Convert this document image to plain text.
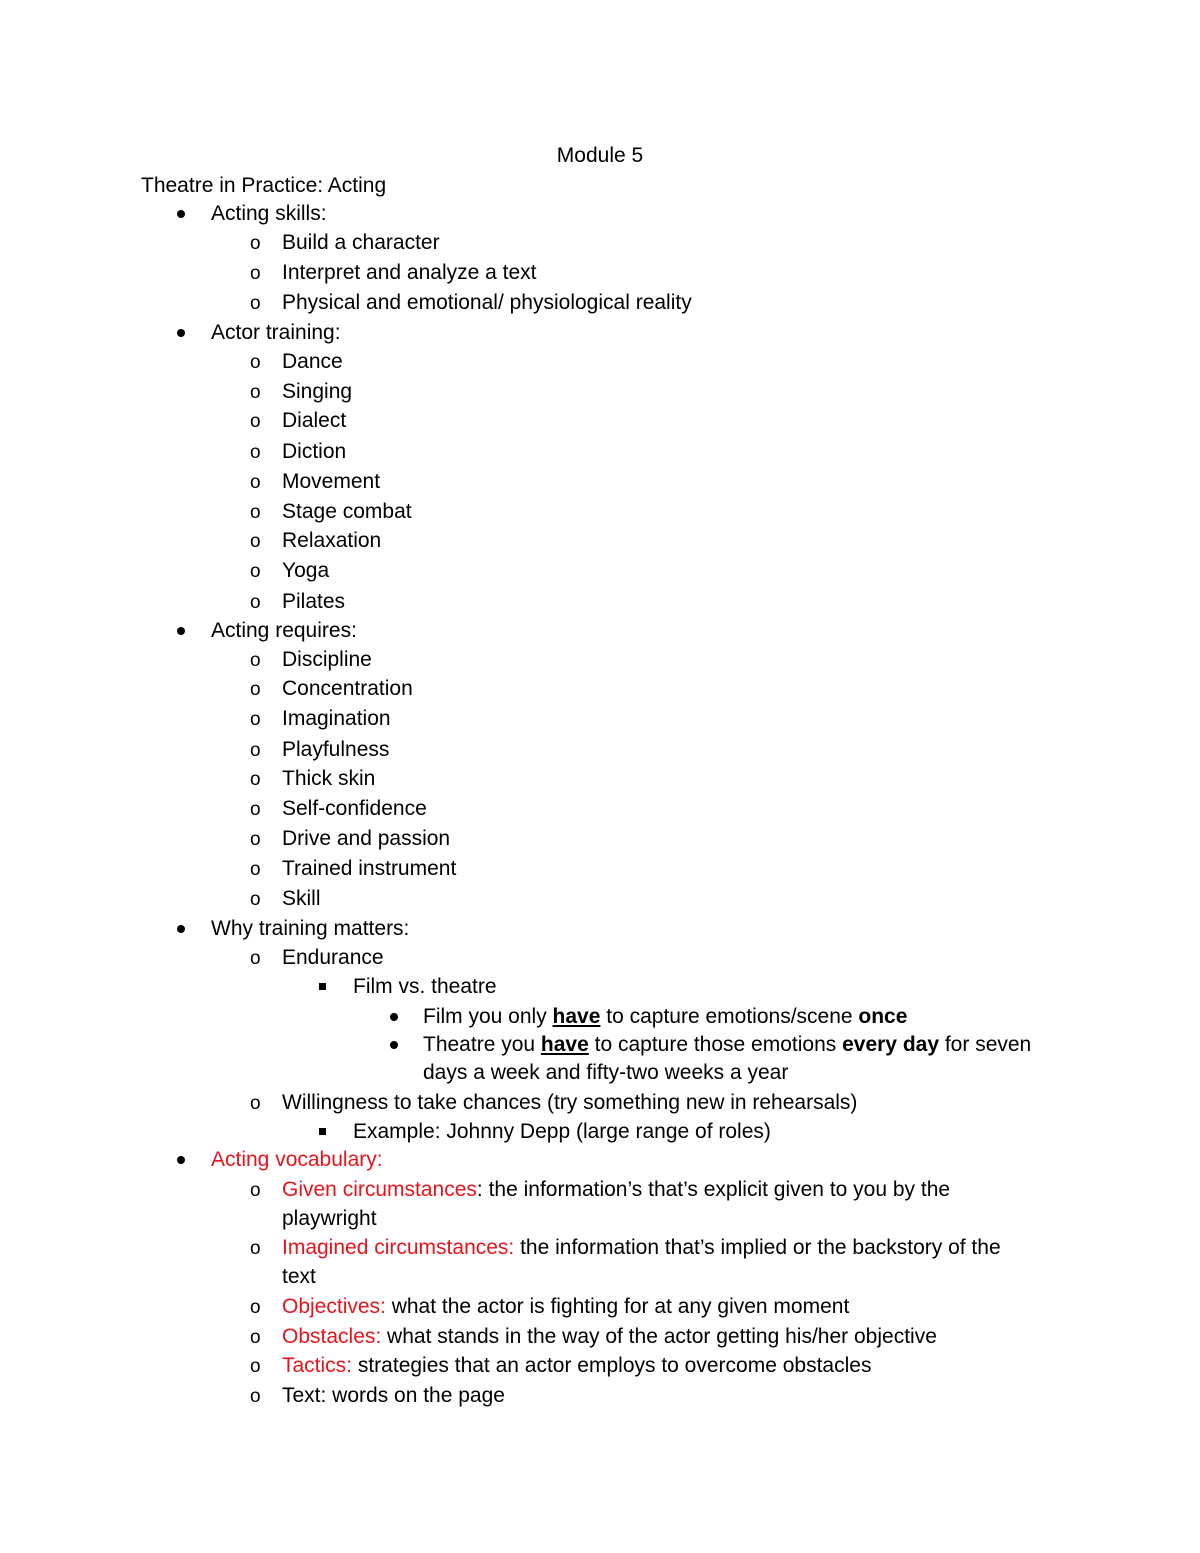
Module 5
Theatre in Practice: Acting
Acting skills:
o Build a character
o Interpret and analyze a text
o Physical and emotional/ physiological reality
Actor training:
o Dance
o Singing
o Dialect
o Diction
o Movement
o Stage combat
o Relaxation
o Yoga
o Pilates
Acting requires:
o Discipline
o Concentration
o Imagination
o Playfulness
o Thick skin
o Self-confidence
o Drive and passion
o Trained instrument
o Skill
Why training matters:
o Endurance
Film vs. theatre
Film you only have to capture emotions/scene once
Theatre you have to capture those emotions every day for seven
days a week and fifty-two weeks a year
o Willingness to take chances (try something new in rehearsals)
Example: Johnny Depp (large range of roles)
Acting vocabulary:
o Given circumstances: the information’s that’s explicit given to you by the
playwright
o Imagined circumstances: the information that’s implied or the backstory of the
text
o Objectives: what the actor is fighting for at any given moment
o Obstacles: what stands in the way of the actor getting his/her objective
o Tactics: strategies that an actor employs to overcome obstacles
o Text: words on the page
